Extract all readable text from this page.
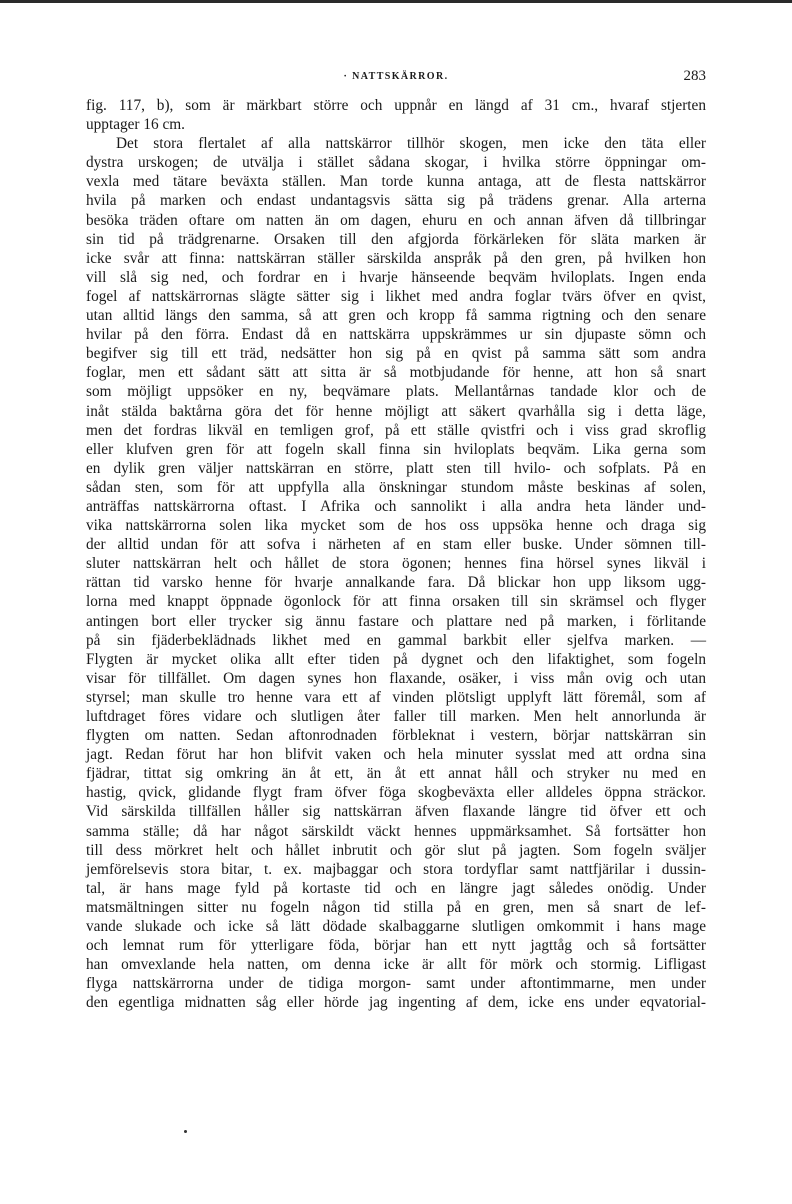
· NATTSKÄRROR.	283
fig. 117, b), som är märkbart större och uppnår en längd af 31 cm., hvaraf stjerten
upptager 16 cm.
Det stora flertalet af alla nattskärror tillhör skogen, men icke den täta eller
dystra urskogen; de utvälja i stället sådana skogar, i hvilka större öppningar om-
vexla med tätare beväxta ställen. Man torde kunna antaga, att de flesta nattskärror
hvila på marken och endast undantagsvis sätta sig på trädens grenar. Alla arterna
besöka träden oftare om natten än om dagen, ehuru en och annan äfven då tillbringar
sin tid på trädgrenarne. Orsaken till den afgjorda förkärleken för släta marken är
icke svår att finna: nattskärran ställer särskilda anspråk på den gren, på hvilken hon
vill slå sig ned, och fordrar en i hvarje hänseende beqväm hviloplats. Ingen enda
fogel af nattskärrornas slägte sätter sig i likhet med andra foglar tvärs öfver en qvist,
utan alltid längs den samma, så att gren och kropp få samma rigtning och den senare
hvilar på den förra. Endast då en nattskärra uppskrämmes ur sin djupaste sömn och
begifver sig till ett träd, nedsätter hon sig på en qvist på samma sätt som andra
foglar, men ett sådant sätt att sitta är så motbjudande för henne, att hon så snart
som möjligt uppsöker en ny, beqvämare plats. Mellantårnas tandade klor och de
inåt stälda baktårna göra det för henne möjligt att säkert qvarhålla sig i detta läge,
men det fordras likväl en temligen grof, på ett ställe qvistfri och i viss grad skroflig
eller klufven gren för att fogeln skall finna sin hviloplats beqväm. Lika gerna som
en dylik gren väljer nattskärran en större, platt sten till hvilo- och sofplats. På en
sådan sten, som för att uppfylla alla önskningar stundom måste beskinas af solen,
anträffas nattskärrorna oftast. I Afrika och sannolikt i alla andra heta länder und-
vika nattskärrorna solen lika mycket som de hos oss uppsöka henne och draga sig
der alltid undan för att sofva i närheten af en stam eller buske. Under sömnen till-
sluter nattskärran helt och hållet de stora ögonen; hennes fina hörsel synes likväl i
rättan tid varsko henne för hvarje annalkande fara. Då blickar hon upp liksom ugg-
lorna med knappt öppnade ögonlock för att finna orsaken till sin skrämsel och flyger
antingen bort eller trycker sig ännu fastare och plattare ned på marken, i förlitande
på sin fjäderbeklädnads likhet med en gammal barkbit eller sjelfva marken. —
Flygten är mycket olika allt efter tiden på dygnet och den lifaktighet, som fogeln
visar för tillfället. Om dagen synes hon flaxande, osäker, i viss mån ovig och utan
styrsel; man skulle tro henne vara ett af vinden plötsligt upplyft lätt föremål, som af
luftdraget föres vidare och slutligen åter faller till marken. Men helt annorlunda är
flygten om natten. Sedan aftonrodnaden förbleknat i vestern, börjar nattskärran sin
jagt. Redan förut har hon blifvit vaken och hela minuter sysslat med att ordna sina
fjädrar, tittat sig omkring än åt ett, än åt ett annat håll och stryker nu med en
hastig, qvick, glidande flygt fram öfver föga skogbeväxta eller alldeles öppna sträckor.
Vid särskilda tillfällen håller sig nattskärran äfven flaxande längre tid öfver ett och
samma ställe; då har något särskildt väckt hennes uppmärksamhet. Så fortsätter hon
till dess mörkret helt och hållet inbrutit och gör slut på jagten. Som fogeln sväljer
jemförelsevis stora bitar, t. ex. majbaggar och stora tordyflar samt nattfjärilar i dussin-
tal, är hans mage fyld på kortaste tid och en längre jagt således onödig. Under
matsmältningen sitter nu fogeln någon tid stilla på en gren, men så snart de lef-
vande slukade och icke så lätt dödade skalbaggarne slutligen omkommit i hans mage
och lemnat rum för ytterligare föda, börjar han ett nytt jagttåg och så fortsätter
han omvexlande hela natten, om denna icke är allt för mörk och stormig. Lifligast
flyga nattskärrorna under de tidiga morgon- samt under aftontimmarne, men under
den egentliga midnatten såg eller hörde jag ingenting af dem, icke ens under eqvatorial-
